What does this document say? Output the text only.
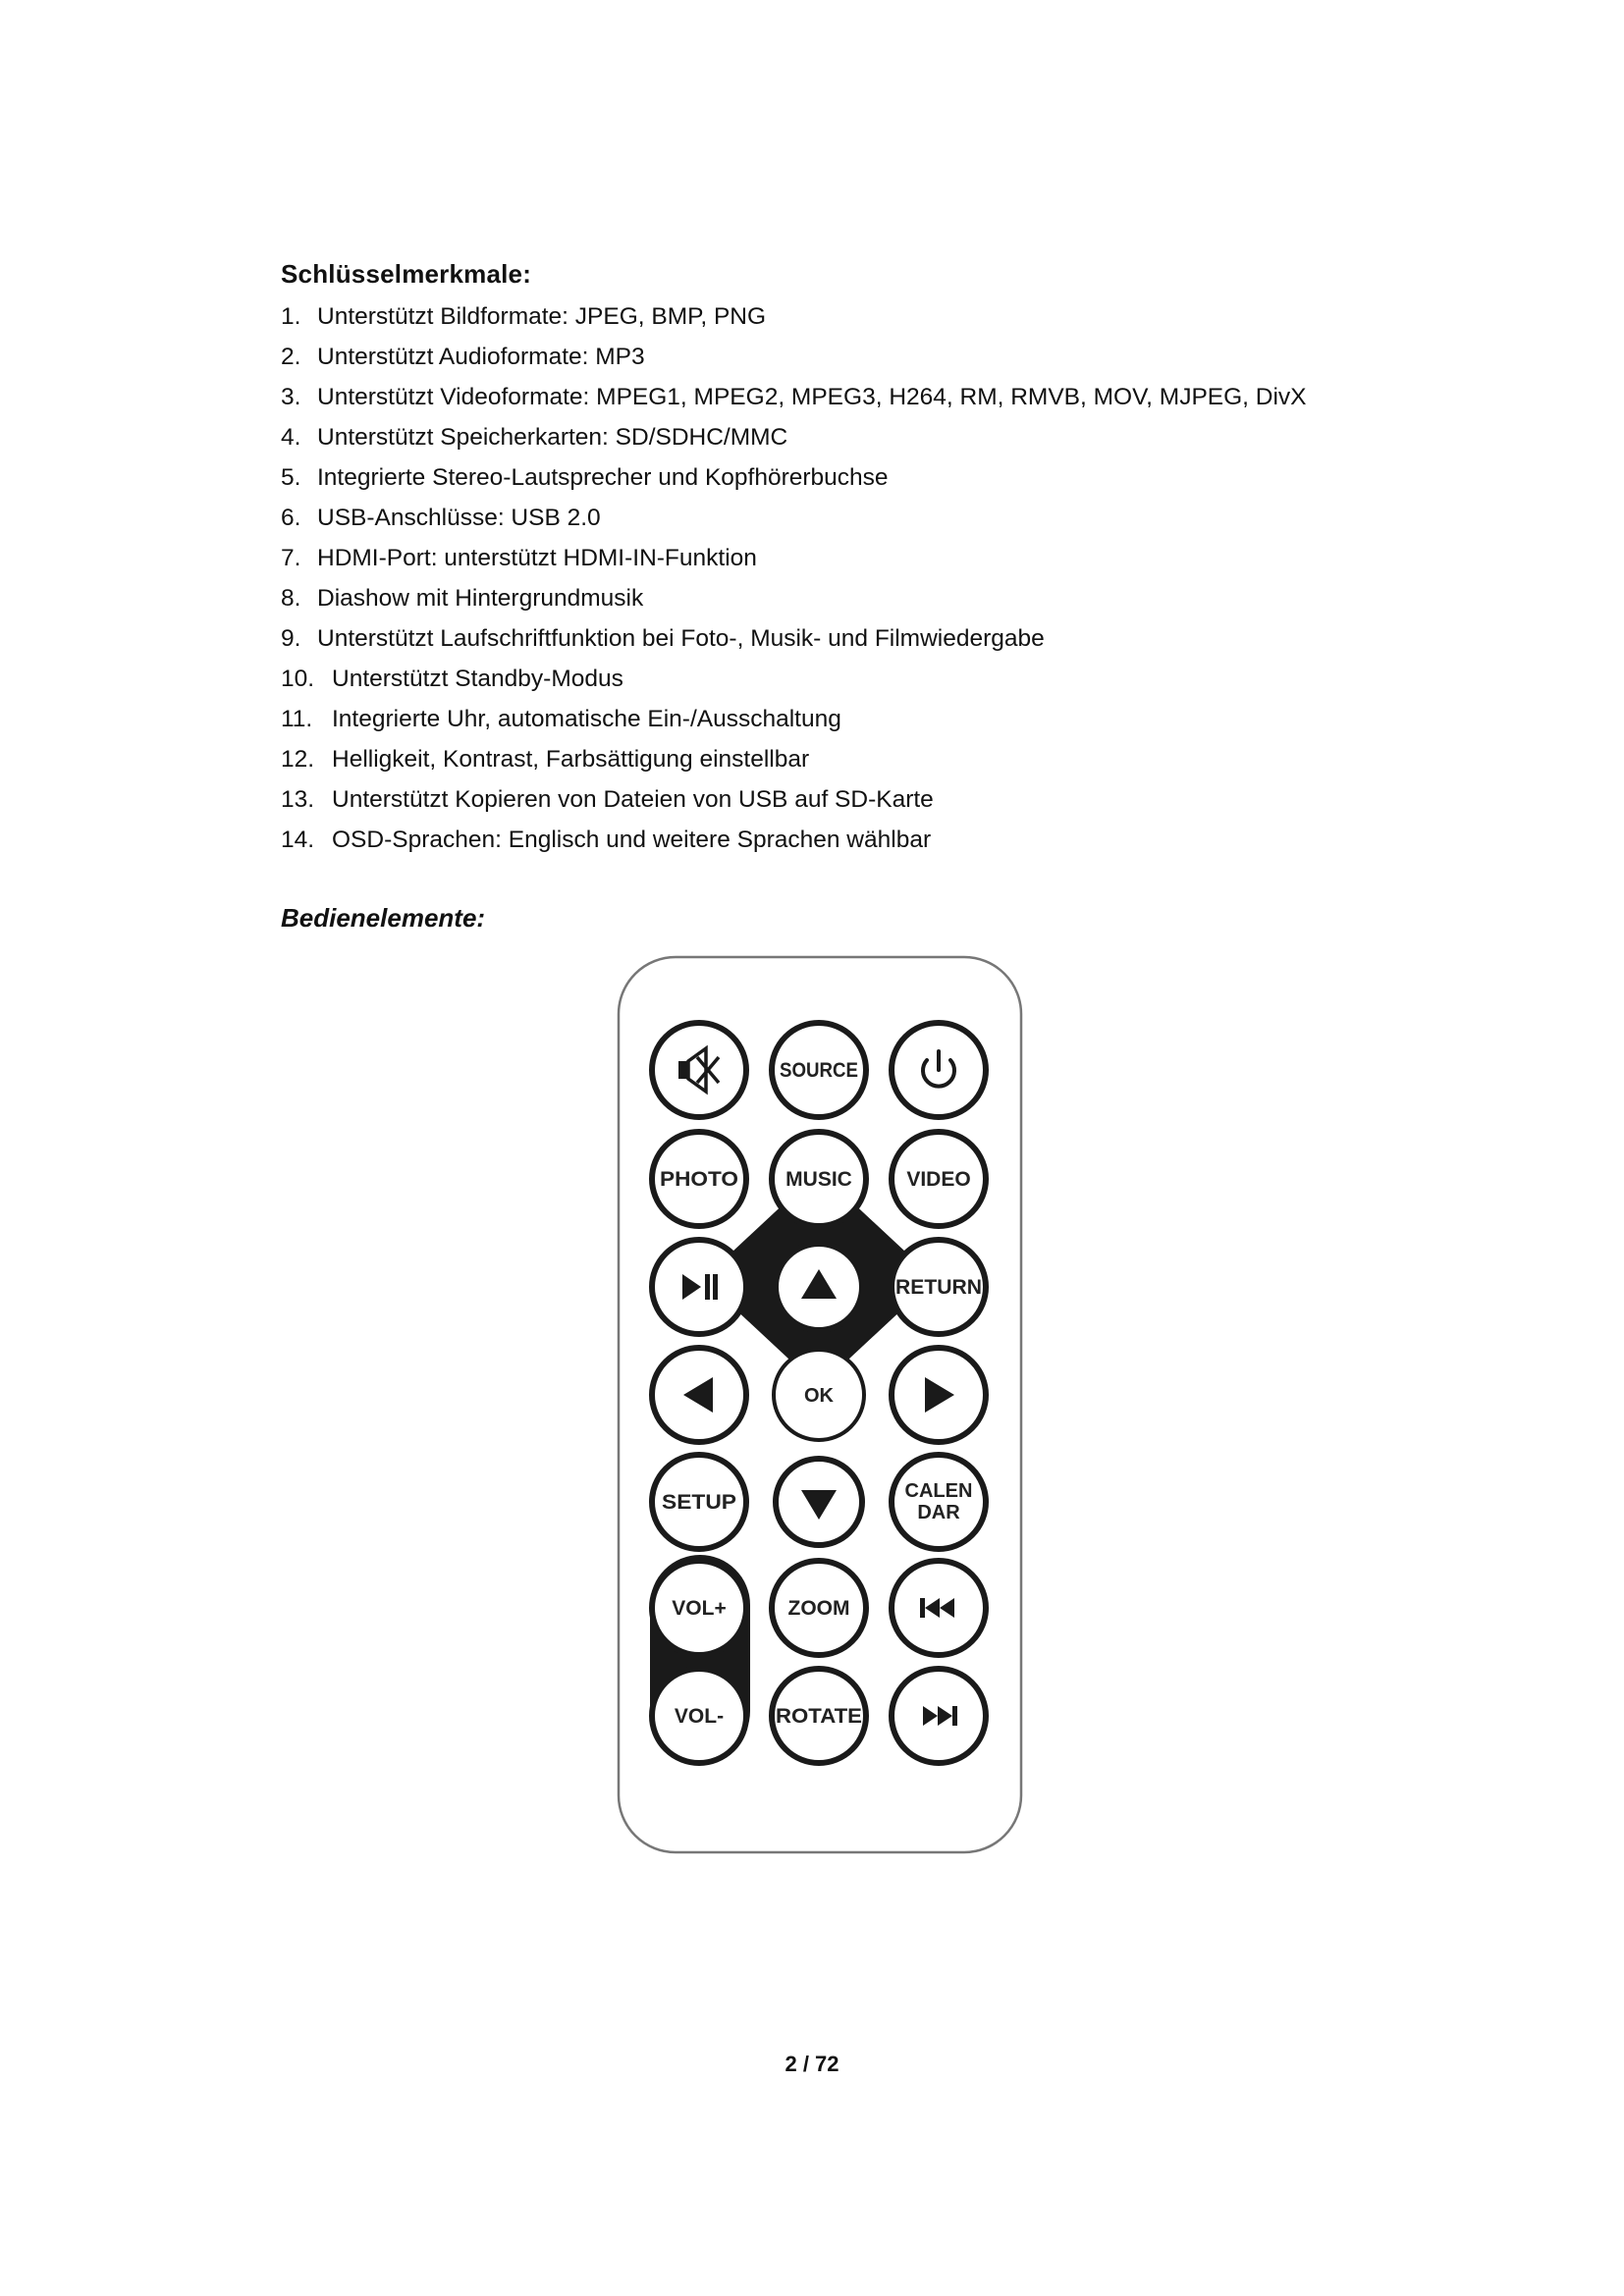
Schlüsselmerkmale:
1. Unterstützt Bildformate: JPEG, BMP, PNG
2. Unterstützt Audioformate: MP3
3. Unterstützt Videoformate: MPEG1, MPEG2, MPEG3, H264, RM, RMVB, MOV, MJPEG, DivX
4. Unterstützt Speicherkarten: SD/SDHC/MMC
5. Integrierte Stereo-Lautsprecher und Kopfhörerbuchse
6. USB-Anschlüsse: USB 2.0
7. HDMI-Port: unterstützt HDMI-IN-Funktion
8. Diashow mit Hintergrundmusik
9. Unterstützt Laufschriftfunktion bei Foto-, Musik- und Filmwiedergabe
10. Unterstützt Standby-Modus
11. Integrierte Uhr, automatische Ein-/Ausschaltung
12. Helligkeit, Kontrast, Farbsättigung einstellbar
13. Unterstützt Kopieren von Dateien von USB auf SD-Karte
14. OSD-Sprachen: Englisch und weitere Sprachen wählbar
Bedienelemente:
SOURCE
PHOTO MUSIC	VIDEO
RETURN
OK
SETUP	CALEN
DAR
VOL+	ZOOM
VOL-	ROTATE
2 / 72
